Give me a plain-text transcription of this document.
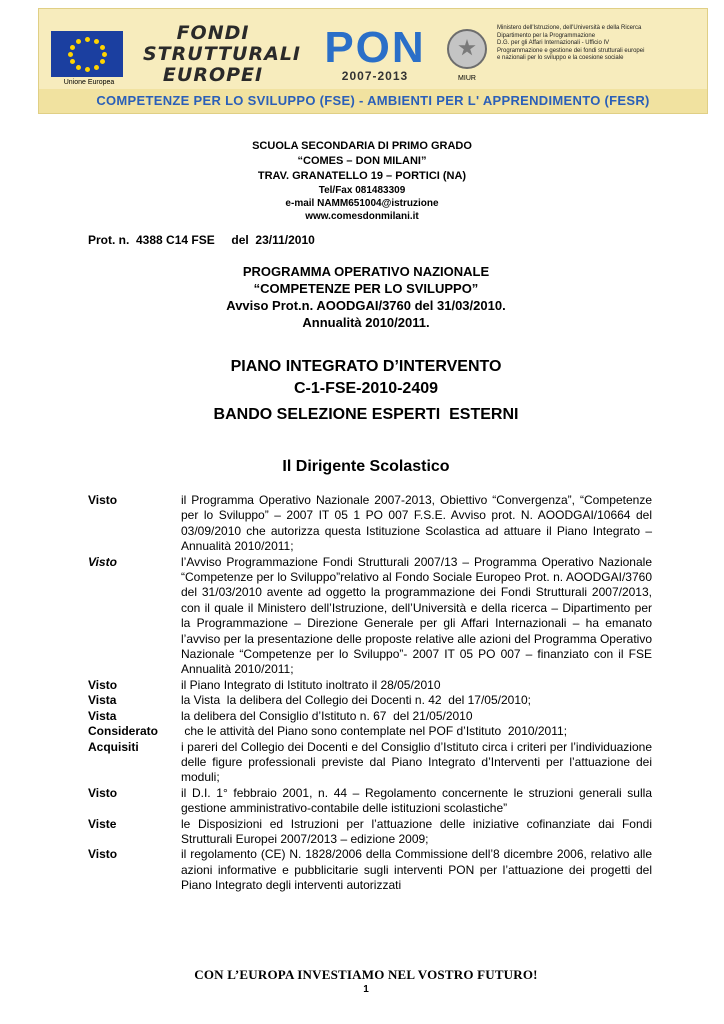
Unione Europea
FONDI
STRUTTURALI
EUROPEI
PON
2007-2013	MIUR
Ministero dell'Istruzione, dell'Università e della Ricerca
Dipartimento per la Programmazione
D.G. per gli Affari Internazionali - Ufficio IV
Programmazione e gestione dei fondi strutturali europei
e nazionali per lo sviluppo e la coesione sociale
COMPETENZE PER LO SVILUPPO (FSE) - AMBIENTI PER L' APPRENDIMENTO (FESR)
SCUOLA SECONDARIA DI PRIMO GRADO
“COMES – DON MILANI”
TRAV. GRANATELLO 19 – PORTICI (NA)
Tel/Fax 081483309
e-mail NAMM651004@istruzione
www.comesdonmilani.it
Prot. n.  4388 C14 FSE     del  23/11/2010
PROGRAMMA OPERATIVO NAZIONALE
“COMPETENZE PER LO SVILUPPO”
Avviso Prot.n. AOODGAI/3760 del 31/03/2010.
Annualità 2010/2011.
PIANO INTEGRATO D’INTERVENTO
C-1-FSE-2010-2409
BANDO SELEZIONE ESPERTI  ESTERNI
Il Dirigente Scolastico
Visto	il Programma Operativo Nazionale 2007-2013, Obiettivo “Convergenza”, “Competenze per lo Sviluppo” – 2007 IT 05 1 PO 007 F.S.E. Avviso prot. N. AOODGAI/10664 del 03/09/2010 che autorizza questa Istituzione Scolastica ad attuare il Piano Integrato – Annualità 2010/2011;
Visto	l’Avviso Programmazione Fondi Strutturali 2007/13 – Programma Operativo Nazionale “Competenze per lo Sviluppo”relativo al Fondo Sociale Europeo Prot. n. AOODGAI/3760 del 31/03/2010 avente ad oggetto la programmazione dei Fondi Strutturali 2007/2013, con il quale il Ministero dell’Istruzione, dell’Università e della ricerca – Dipartimento per la Programmazione – Direzione Generale per gli Affari Internazionali – ha emanato l’avviso per la presentazione delle proposte relative alle azioni del Programma Operativo Nazionale “Competenze per lo Sviluppo”- 2007 IT 05 PO 007 – finanziato con il FSE Annualità 2010/2011;
Visto	il Piano Integrato di Istituto inoltrato il 28/05/2010
Vista	la Vista  la delibera del Collegio dei Docenti n. 42  del 17/05/2010;
Vista	la delibera del Consiglio d’Istituto n. 67  del 21/05/2010
Considerato	che le attività del Piano sono contemplate nel POF d’Istituto  2010/2011;
Acquisiti	i pareri del Collegio dei Docenti e del Consiglio d’Istituto circa i criteri per l’individuazione delle figure professionali previste dal Piano Integrato d’Interventi per l’attuazione dei moduli;
Visto	il D.I. 1° febbraio 2001, n. 44 – Regolamento concernente le struzioni generali sulla gestione amministrativo-contabile delle istituzioni scolastiche”
Viste	le Disposizioni ed Istruzioni per l’attuazione delle iniziative cofinanziate dai Fondi Strutturali Europei 2007/2013 – edizione 2009;
Visto	il regolamento (CE) N. 1828/2006 della Commissione dell’8 dicembre 2006, relativo alle azioni informative e pubblicitarie sugli interventi PON per l’attuazione dei progetti del Piano Integrato degli interventi autorizzati
CON L’EUROPA INVESTIAMO NEL VOSTRO FUTURO!
1
